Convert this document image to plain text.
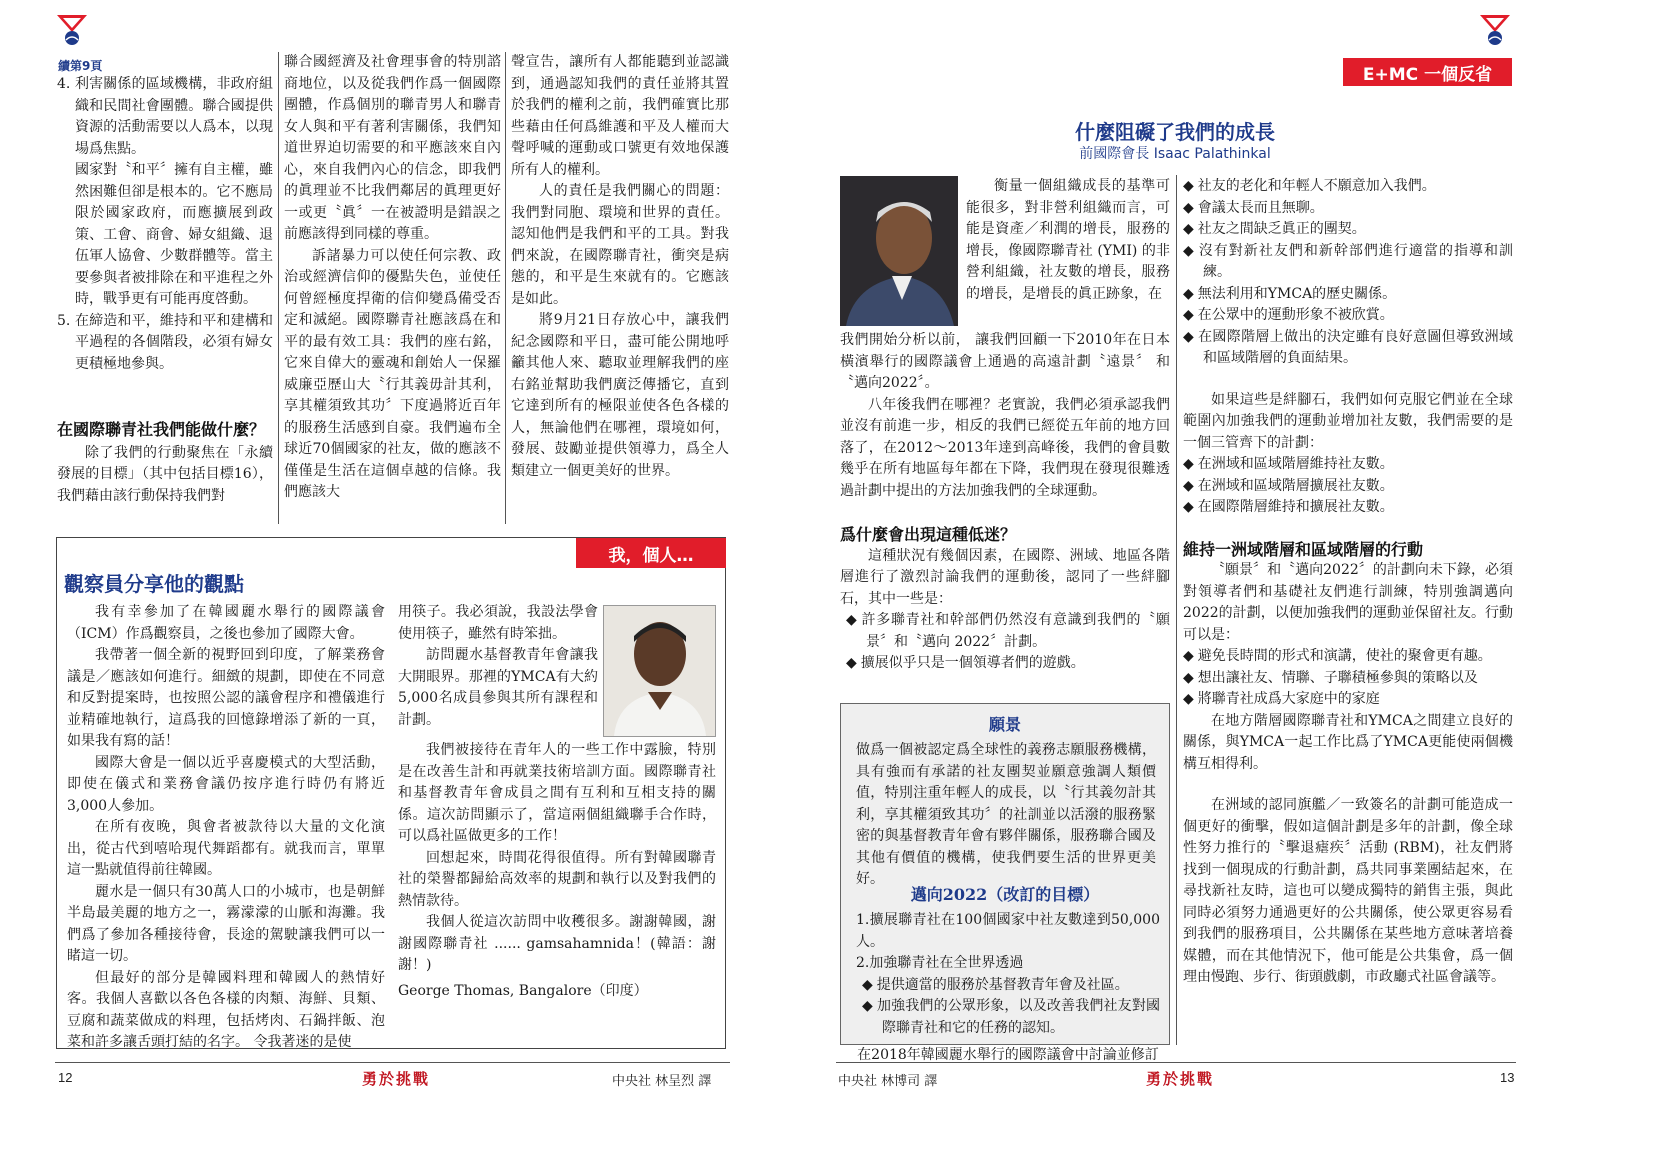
續第9頁

4. 利害關係的區域機構，非政府組織和民間社會團體。聯合國提供資源的活動需要以人爲本，以現場爲焦點。

國家對〝和平〞擁有自主權，雖然困難但卻是根本的。它不應局限於國家政府，而應擴展到政策、工會、商會、婦女組織、退伍軍人協會、少數群體等。當主要參與者被排除在和平進程之外時，戰爭更有可能再度啓動。

5. 在締造和平，維持和平和建構和平過程的各個階段，必須有婦女更積極地參與。

在國際聯青社我們能做什麼？

除了我們的行動聚焦在「永續發展的目標」（其中包括目標16），我們藉由該行動保持我們對

聯合國經濟及社會理事會的特別諮商地位，以及從我們作爲一個國際團體，作爲個別的聯青男人和聯青女人與和平有著利害關係，我們知道世界迫切需要的和平應該來自內心，來自我們內心的信念，即我們的眞理並不比我們鄰居的眞理更好一或更〝眞〞一在被證明是錯誤之前應該得到同樣的尊重。

訴諸暴力可以使任何宗教、政治或經濟信仰的優點失色，並使任何曾經極度捍衛的信仰變爲備受否定和滅絕。國際聯青社應該爲在和平的最有效工具：我們的座右銘，它來自偉大的靈魂和創始人一保羅威廉亞歷山大〝行其義毋計其利，享其權須致其功〞下度過將近百年的服務生活感到自豪。我們遍布全球近70個國家的社友，做的應該不僅僅是生活在這個卓越的信條。我們應該大

聲宣告，讓所有人都能聽到並認識到，通過認知我們的責任並將其置於我們的權利之前，我們確實比那些藉由任何爲維護和平及人權而大聲呼喊的運動或口號更有效地保護所有人的權利。

人的責任是我們關心的問題：我們對同胞、環境和世界的責任。認知他們是我們和平的工具。對我們來說，在國際聯青社，衝突是病態的，和平是生來就有的。它應該是如此。

將9月21日存放心中，讓我們紀念國際和平日，盡可能公開地呼籲其他人來、聽取並理解我們的座右銘並幫助我們廣泛傳播它，直到它達到所有的極限並使各色各樣的人，無論他們在哪裡，環境如何，發展、鼓勵並提供領導力，爲全人類建立一個更美好的世界。

我，個人…
觀察員分享他的觀點

我有幸參加了在韓國麗水舉行的國際議會（ICM）作爲觀察員，之後也參加了國際大會。

我帶著一個全新的視野回到印度，了解業務會議是／應該如何進行。細緻的規劃，即使在不同意和反對提案時，也按照公認的議會程序和禮儀進行並精確地執行，這爲我的回憶錄增添了新的一頁，如果我有寫的話！

國際大會是一個以近乎喜慶模式的大型活動，即使在儀式和業務會議仍按序進行時仍有將近3,000人參加。

在所有夜晚，與會者被款待以大量的文化演出，從古代到嘻哈現代舞蹈都有。就我而言，單單這一點就值得前往韓國。

麗水是一個只有30萬人口的小城市，也是朝鮮半島最美麗的地方之一，霧濛濛的山脈和海灘。我們爲了參加各種接待會，長途的駕駛讓我們可以一睹這一切。

但最好的部分是韓國料理和韓國人的熱情好客。我個人喜歡以各色各樣的肉類、海鮮、貝類、豆腐和蔬菜做成的料理，包括烤肉、石鍋拌飯、泡菜和許多讓舌頭打結的名字。 令我著迷的是使

用筷子。我必須說，我設法學會使用筷子，雖然有時笨拙。

訪問麗水基督教青年會讓我大開眼界。那裡的YMCA有大約5,000名成員參與其所有課程和計劃。

我們被接待在青年人的一些工作中露臉，特別是在改善生計和再就業技術培訓方面。國際聯青社和基督教青年會成員之間有互利和互相支持的關係。這次訪問顯示了，當這兩個組織聯手合作時，可以爲社區做更多的工作！

回想起來，時間花得很值得。所有對韓國聯青社的榮譽都歸給高效率的規劃和執行以及對我們的熱情款待。

我個人從這次訪問中收穫很多。謝謝韓國，謝謝國際聯青社 ...... gamsahamnida！(韓語：謝謝！)

George Thomas, Bangalore（印度）

12	勇於挑戰	中央社 林呈烈 譯
E+MC 一個反省
什麼阻礙了我們的成長
前國際會長 Isaac Palathinkal

衡量一個組織成長的基準可能很多，對非營利組織而言，可能是資產／利潤的增長，服務的增長，像國際聯青社 (YMI) 的非營利組織，社友數的增長，服務的增長，是增長的眞正跡象，在

我們開始分析以前， 讓我們回顧一下2010年在日本橫濱舉行的國際議會上通過的高遠計劃〝遠景〞 和〝邁向2022〞。

八年後我們在哪裡？老實說，我們必須承認我們並沒有前進一步，相反的我們已經從五年前的地方回落了，在2012〜2013年達到高峰後，我們的會員數幾乎在所有地區每年都在下降，我們現在發現很難透過計劃中提出的方法加強我們的全球運動。

爲什麼會出現這種低迷？

這種狀況有幾個因素，在國際、洲域、地區各階層進行了激烈討論我們的運動後，認同了一些絆腳石，其中一些是：

◆ 許多聯青社和幹部們仍然沒有意識到我們的〝願景〞和〝邁向 2022〞計劃。
◆ 擴展似乎只是一個領導者們的遊戲。
願景

做爲一個被認定爲全球性的義務志願服務機構，具有強而有承諾的社友團契並願意強調人類價值，特別注重年輕人的成長，以〝行其義勿計其利，享其權須致其功〞的社訓並以活潑的服務緊密的與基督教青年會有夥伴關係，服務聯合國及其他有價值的機構，使我們要生活的世界更美好。

邁向2022（改訂的目標）

1.擴展聯青社在100個國家中社友數達到50,000 人。

2.加強聯青社在全世界透過

◆ 提供適當的服務於基督教青年會及社區。
◆ 加強我們的公眾形象，以及改善我們社友對國際聯青社和它的任務的認知。

在2018年韓國麗水舉行的國際議會中討論並修訂

◆ 社友的老化和年輕人不願意加入我們。
◆ 會議太長而且無聊。
◆ 社友之間缺乏眞正的團契。
◆ 沒有對新社友們和新幹部們進行適當的指導和訓練。
◆ 無法利用和YMCA的歷史關係。
◆ 在公眾中的運動形象不被欣賞。
◆ 在國際階層上做出的決定雖有良好意圖但導致洲域和區域階層的負面結果。

如果這些是絆腳石，我們如何克服它們並在全球範圍內加強我們的運動並增加社友數，我們需要的是一個三管齊下的計劃：

◆ 在洲域和區域階層維持社友數。
◆ 在洲域和區域階層擴展社友數。
◆ 在國際階層維持和擴展社友數。

維持一洲域階層和區域階層的行動

〝願景〞和〝邁向2022〞的計劃向未下錄，必須對領導者們和基礎社友們進行訓練，特別強調邁向2022的計劃，以便加強我們的運動並保留社友。行動可以是：

◆ 避免長時間的形式和演講，使社的聚會更有趣。
◆ 想出讓社友、情聯、子聯積極參與的策略以及
◆ 將聯青社成爲大家庭中的家庭

在地方階層國際聯青社和YMCA之間建立良好的關係，與YMCA一起工作比爲了YMCA更能使兩個機構互相得利。

在洲域的認同旗艦／一致簽名的計劃可能造成一個更好的衝擊，假如這個計劃是多年的計劃，像全球性努力推行的〝擊退瘧疾〞活動 (RBM)，社友們將找到一個現成的行動計劃，爲共同事業團結起來，在尋找新社友時，這也可以變成獨特的銷售主張，與此同時必須努力通過更好的公共關係，使公眾更容易看到我們的服務項目，公共關係在某些地方意味著培養媒體，而在其他情況下，他可能是公共集會，爲一個理由慢跑、步行、街頭戲劇，市政廳式社區會議等。

中央社 林博司 譯	勇於挑戰	13
